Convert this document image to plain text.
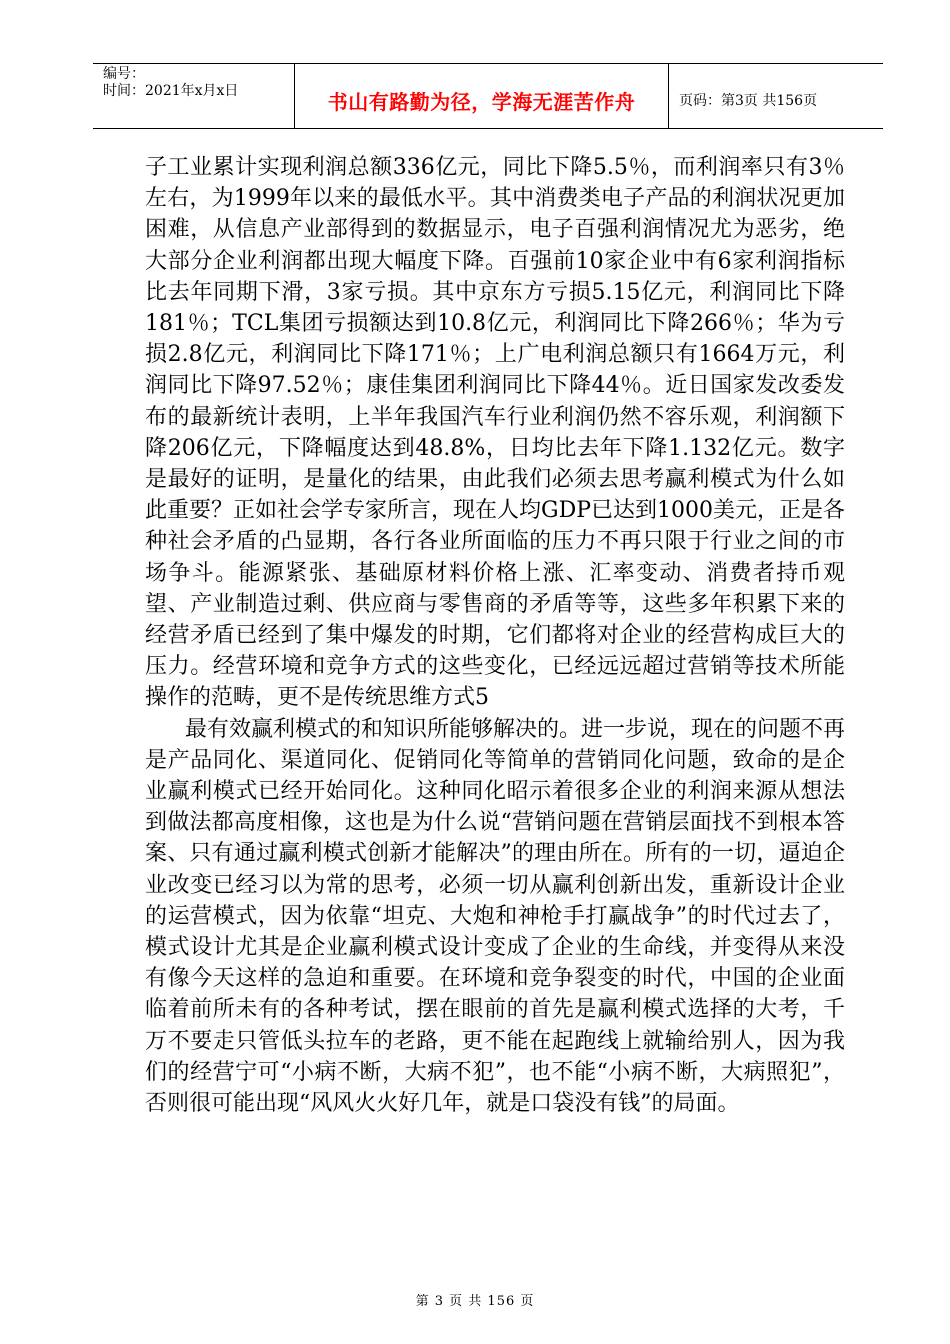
编号：
时间：2021年x月x日	书山有路勤为径，学海无涯苦作舟	页码：第3页 共156页

子工业累计实现利润总额336亿元，同比下降5.5％，而利润率只有3％左右，为1999年以来的最低水平。其中消费类电子产品的利润状况更加困难，从信息产业部得到的数据显示，电子百强利润情况尤为恶劣，绝大部分企业利润都出现大幅度下降。百强前10家企业中有6家利润指标比去年同期下滑，3家亏损。其中京东方亏损5.15亿元，利润同比下降181％；TCL集团亏损额达到10.8亿元，利润同比下降266％；华为亏损2.8亿元，利润同比下降171％；上广电利润总额只有1664万元，利润同比下降97.52％；康佳集团利润同比下降44％。近日国家发改委发布的最新统计表明，上半年我国汽车行业利润仍然不容乐观，利润额下降206亿元，下降幅度达到48.8%，日均比去年下降1.132亿元。数字是最好的证明，是量化的结果，由此我们必须去思考赢利模式为什么如此重要？正如社会学专家所言，现在人均GDP已达到1000美元，正是各种社会矛盾的凸显期，各行各业所面临的压力不再只限于行业之间的市场争斗。能源紧张、基础原材料价格上涨、汇率变动、消费者持币观望、产业制造过剩、供应商与零售商的矛盾等等，这些多年积累下来的经营矛盾已经到了集中爆发的时期，它们都将对企业的经营构成巨大的压力。经营环境和竞争方式的这些变化，已经远远超过营销等技术所能操作的范畴，更不是传统思维方式5

最有效赢利模式的和知识所能够解决的。进一步说，现在的问题不再是产品同化、渠道同化、促销同化等简单的营销同化问题，致命的是企业赢利模式已经开始同化。这种同化昭示着很多企业的利润来源从想法到做法都高度相像，这也是为什么说“营销问题在营销层面找不到根本答案、只有通过赢利模式创新才能解决”的理由所在。所有的一切，逼迫企业改变已经习以为常的思考，必须一切从赢利创新出发，重新设计企业的运营模式，因为依靠“坦克、大炮和神枪手打赢战争”的时代过去了，模式设计尤其是企业赢利模式设计变成了企业的生命线，并变得从来没有像今天这样的急迫和重要。在环境和竞争裂变的时代，中国的企业面临着前所未有的各种考试，摆在眼前的首先是赢利模式选择的大考，千万不要走只管低头拉车的老路，更不能在起跑线上就输给别人，因为我们的经营宁可“小病不断，大病不犯”，也不能“小病不断，大病照犯”，否则很可能出现“风风火火好几年，就是口袋没有钱”的局面。

第 3 页 共 156 页
